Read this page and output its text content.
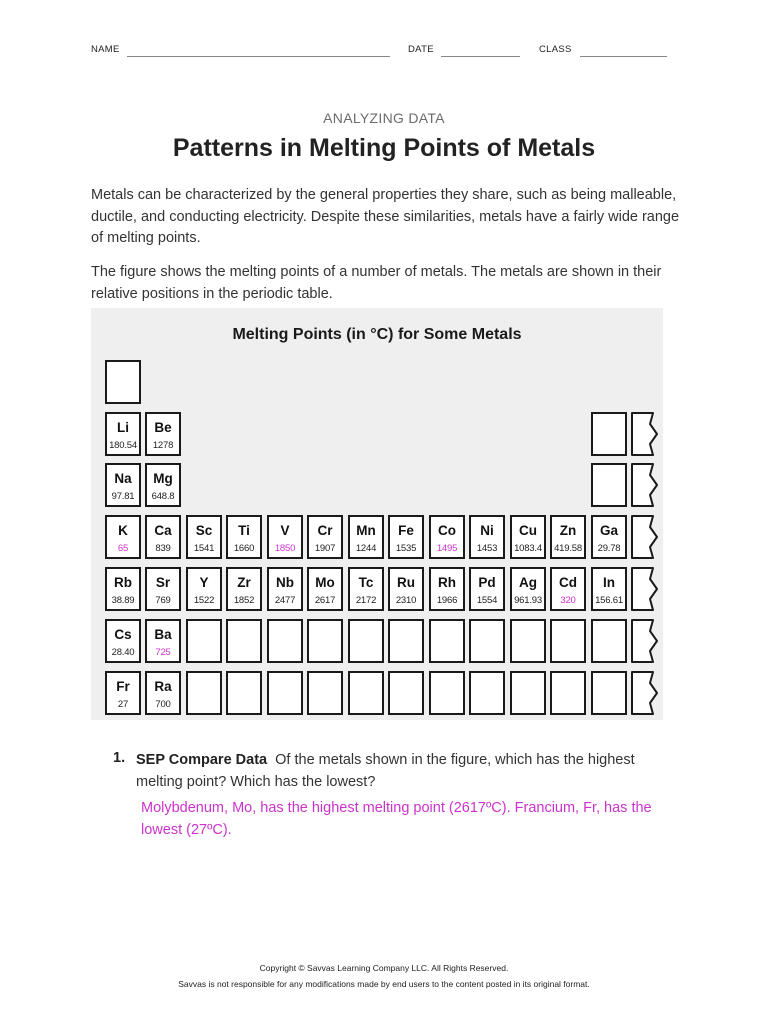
NAME	DATE	CLASS
ANALYZING DATA
Patterns in Melting Points of Metals

Metals can be characterized by the general properties they share, such as being malleable, ductile, and conducting electricity. Despite these similarities, metals have a fairly wide range of melting points.

The figure shows the melting points of a number of metals. The metals are shown in their relative positions in the periodic table.

Melting Points (in °C) for Some Metals
Li
180.54
Be
1278
Na
97.81
Mg
648.8
K
65
Ca
839
Sc
1541
Ti
1660
V
1850
Cr
1907
Mn
1244
Fe
1535
Co
1495
Ni
1453
Cu
1083.4
Zn
419.58
Ga
29.78
Rb
38.89
Sr
769
Y
1522
Zr
1852
Nb
2477
Mo
2617
Tc
2172
Ru
2310
Rh
1966
Pd
1554
Ag
961.93
Cd
320
In
156.61
Cs
28.40
Ba
725
Fr
27
Ra
700
1. SEP Compare Data Of the metals shown in the figure, which has the highest melting point? Which has the lowest?

Molybdenum, Mo, has the highest melting point (2617ºC). Francium, Fr, has the lowest (27ºC).

Copyright © Savvas Learning Company LLC. All Rights Reserved.
Savvas is not responsible for any modifications made by end users to the content posted in its original format.
